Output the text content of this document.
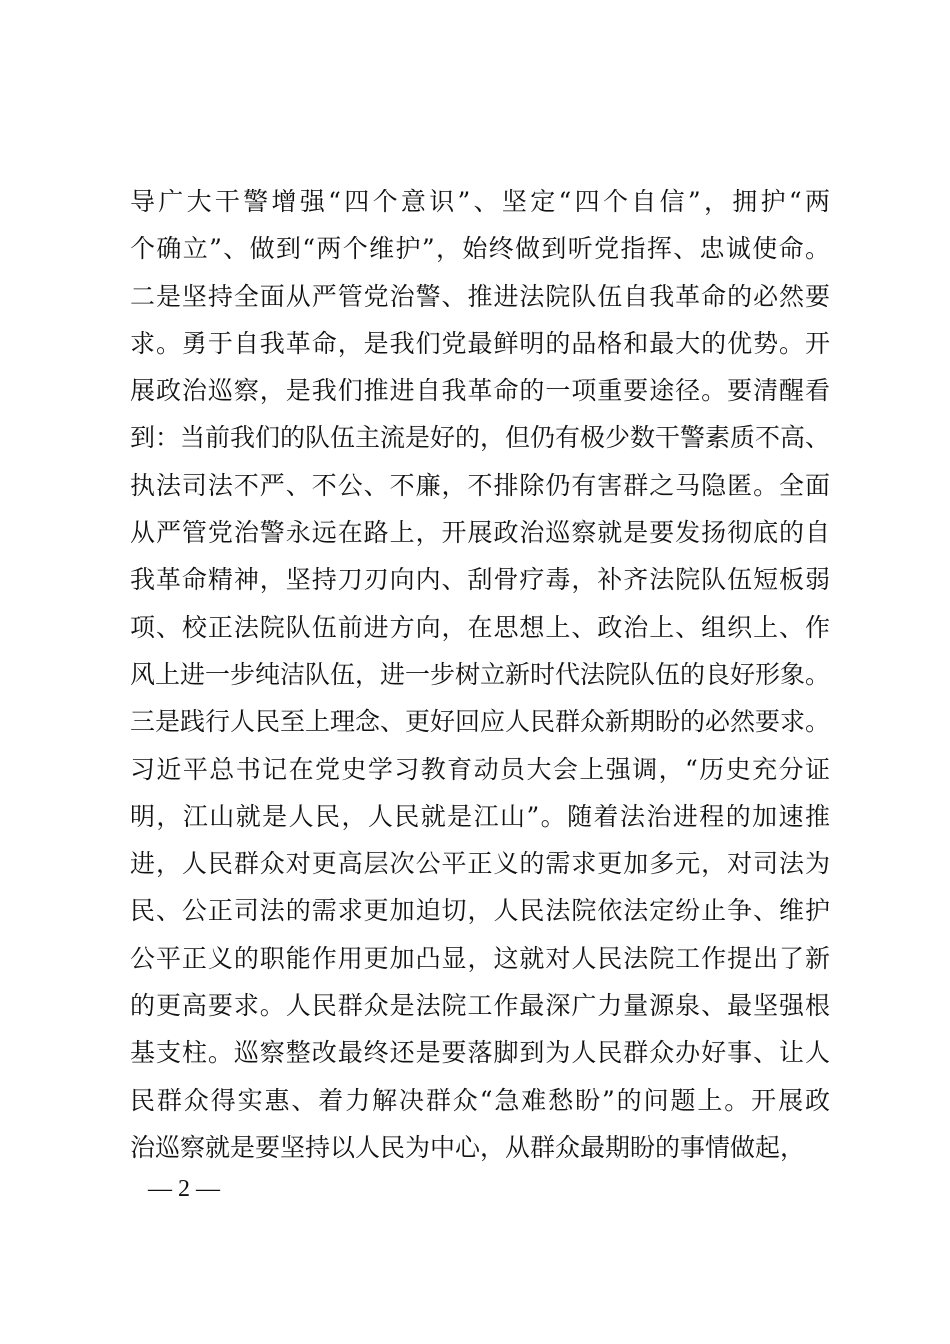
导广大干警增强“四个意识”、坚定“四个自信”，拥护“两
个确立”、做到“两个维护”，始终做到听党指挥、忠诚使命。
二是坚持全面从严管党治警、推进法院队伍自我革命的必然要
求。勇于自我革命，是我们党最鲜明的品格和最大的优势。开
展政治巡察，是我们推进自我革命的一项重要途径。要清醒看
到：当前我们的队伍主流是好的，但仍有极少数干警素质不高、
执法司法不严、不公、不廉，不排除仍有害群之马隐匿。全面
从严管党治警永远在路上，开展政治巡察就是要发扬彻底的自
我革命精神，坚持刀刃向内、刮骨疗毒，补齐法院队伍短板弱
项、校正法院队伍前进方向，在思想上、政治上、组织上、作
风上进一步纯洁队伍，进一步树立新时代法院队伍的良好形象。
三是践行人民至上理念、更好回应人民群众新期盼的必然要求。
习近平总书记在党史学习教育动员大会上强调，“历史充分证
明，江山就是人民，人民就是江山”。随着法治进程的加速推
进，人民群众对更高层次公平正义的需求更加多元，对司法为
民、公正司法的需求更加迫切，人民法院依法定纷止争、维护
公平正义的职能作用更加凸显，这就对人民法院工作提出了新
的更高要求。人民群众是法院工作最深广力量源泉、最坚强根
基支柱。巡察整改最终还是要落脚到为人民群众办好事、让人
民群众得实惠、着力解决群众“急难愁盼”的问题上。开展政
治巡察就是要坚持以人民为中心，从群众最期盼的事情做起，
— 2 —
